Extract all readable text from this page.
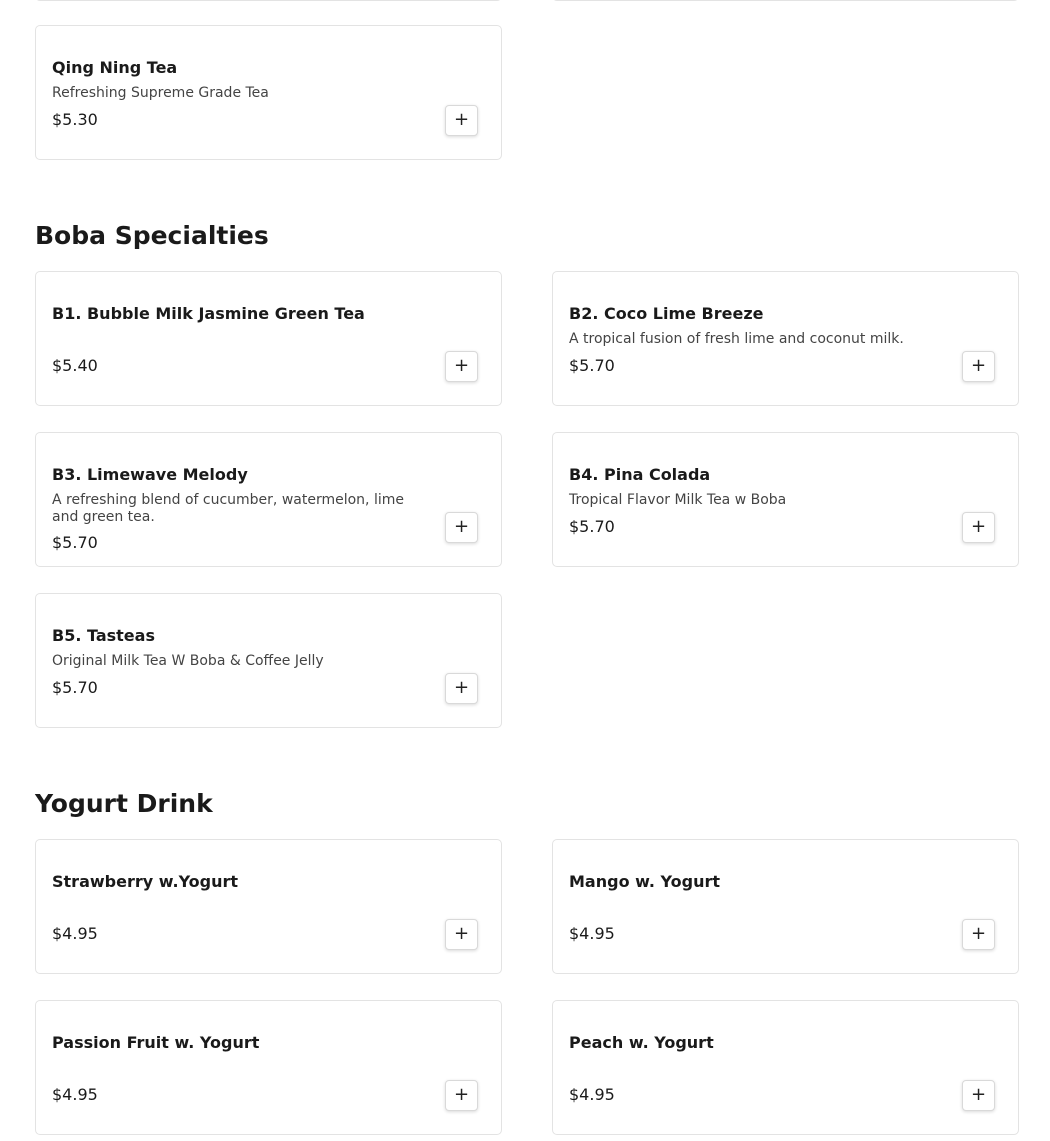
Qing Ning Tea
Refreshing Supreme Grade Tea
$5.30	+
Boba Specialties
B1. Bubble Milk Jasmine Green Tea
$5.40	+
B2. Coco Lime Breeze
A tropical fusion of fresh lime and coconut milk.
$5.70	+
B3. Limewave Melody
A refreshing blend of cucumber, watermelon, lime and green tea.
$5.70
+
B4. Pina Colada
Tropical Flavor Milk Tea w Boba
$5.70	+
B5. Tasteas
Original Milk Tea W Boba & Coffee Jelly
$5.70	+
Yogurt Drink
Strawberry w.Yogurt
$4.95	+
Mango w. Yogurt
$4.95	+
Passion Fruit w. Yogurt
$4.95	+
Peach w. Yogurt
$4.95	+
